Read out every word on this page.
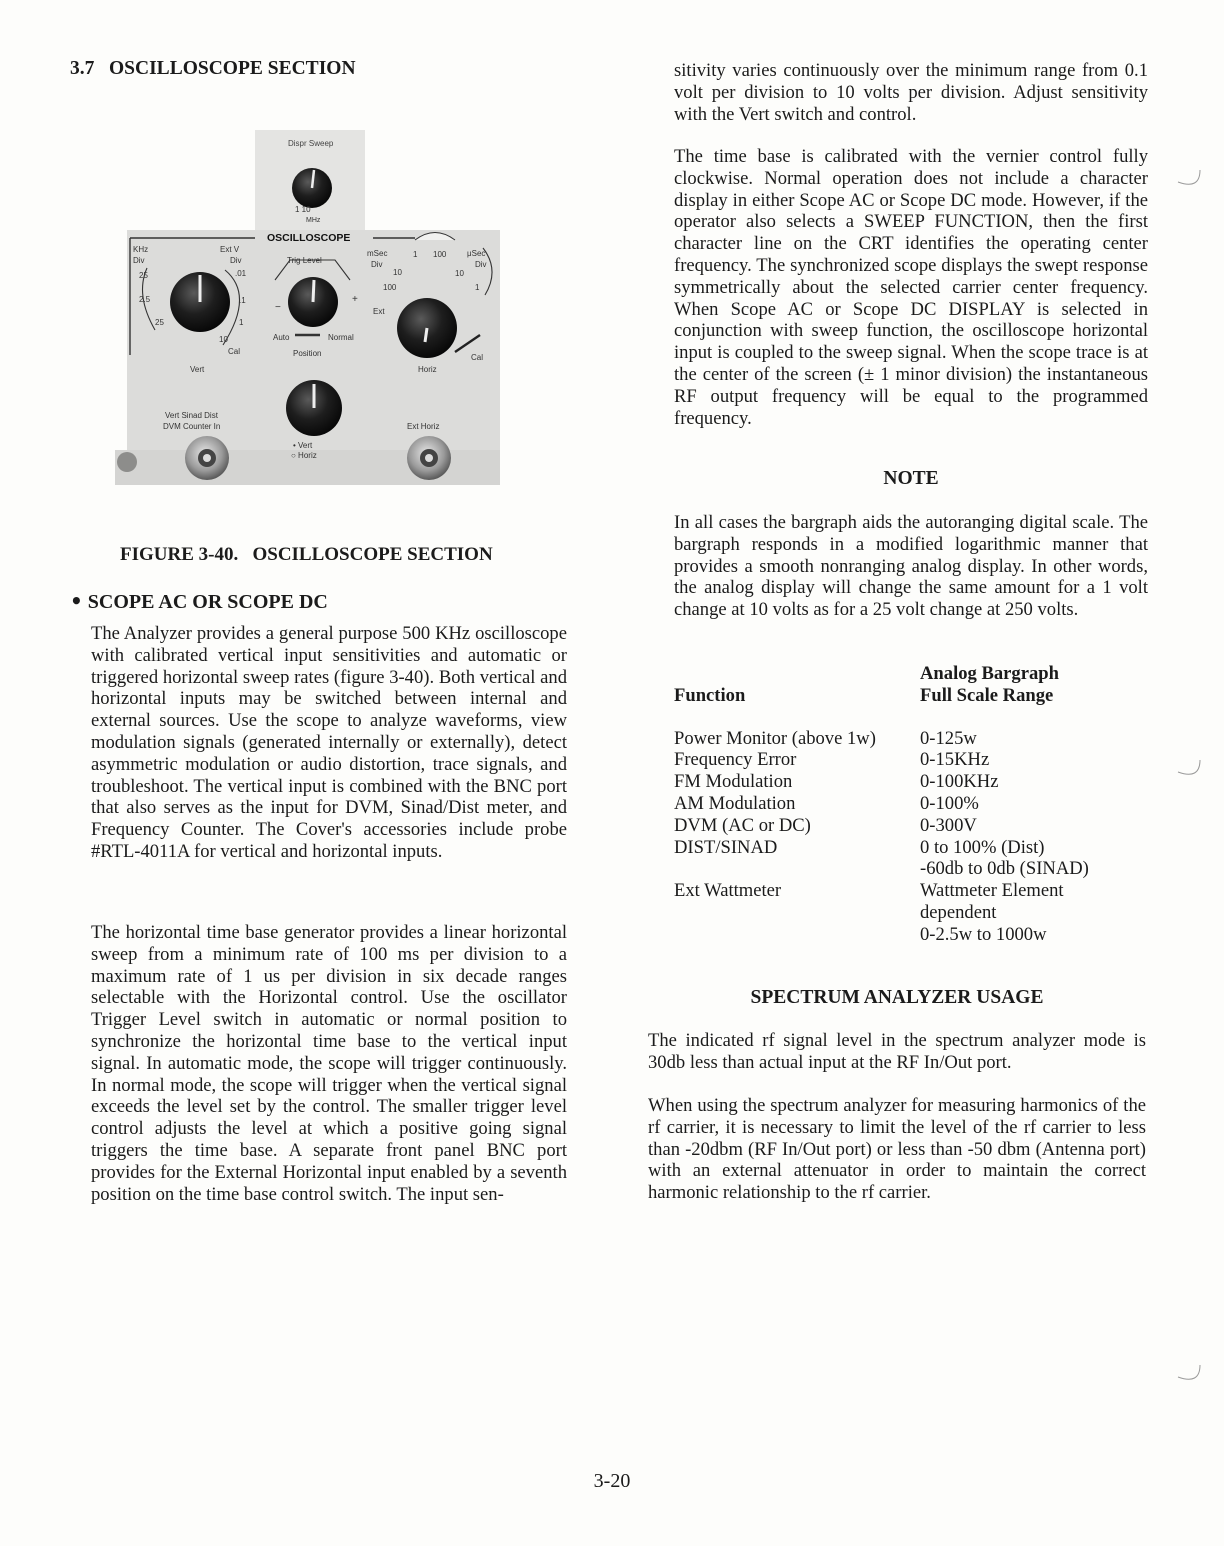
3.7 OSCILLOSCOPE SECTION
Dispr Sweep
1 10
MHz
OSCILLOSCOPE
KHz
Div
Ext V
Div
.01
25
2.5	.1
1
10
25
Cal
Vert
Trig Level
−
+
Auto	Normal
Position
mSec
Div
1 100
10
100
μSec
Div
10
1
Ext
Cal
Horiz
Vert Sinad Dist
DVM Counter In	Ext Horiz
• Vert
○ Horiz
FIGURE 3-40.   OSCILLOSCOPE SECTION
• SCOPE AC OR SCOPE DC

The Analyzer provides a general purpose 500 KHz oscilloscope with calibrated vertical input sensitivities and automatic or triggered horizontal sweep rates (figure 3-40). Both vertical and horizontal inputs may be switched between internal and external sources. Use the scope to analyze waveforms, view modulation signals (generated internally or externally), detect asymmetric modulation or audio distortion, trace signals, and troubleshoot. The vertical input is combined with the BNC port that also serves as the input for DVM, Sinad/Dist meter, and Frequency Counter. The Cover's accessories include probe #RTL-4011A for vertical and horizontal inputs.

The horizontal time base generator provides a linear horizontal sweep from a minimum rate of 100 ms per division to a maximum rate of 1 us per division in six decade ranges selectable with the Horizontal control. Use the oscillator Trigger Level switch in automatic or normal position to synchronize the horizontal time base to the vertical input signal. In automatic mode, the scope will trigger continuously. In normal mode, the scope will trigger when the vertical signal exceeds the level set by the control. The smaller trigger level control adjusts the level at which a positive going signal triggers the time base. A separate front panel BNC port provides for the External Horizontal input enabled by a seventh position on the time base control switch. The input sen-

sitivity varies continuously over the minimum range from 0.1 volt per division to 10 volts per division. Adjust sensitivity with the Vert switch and control.

The time base is calibrated with the vernier control fully clockwise. Normal operation does not include a character display in either Scope AC or Scope DC mode. However, if the operator also selects a SWEEP FUNCTION, then the first character line on the CRT identifies the operating center frequency. The synchronized scope displays the swept response symmetrically about the selected carrier center frequency. When Scope AC or Scope DC DISPLAY is selected in conjunction with sweep function, the oscilloscope horizontal input is coupled to the sweep signal. When the scope trace is at the center of the screen (± 1 minor division) the instantaneous RF output frequency will be equal to the programmed frequency.

NOTE

In all cases the bargraph aids the autoranging digital scale. The bargraph responds in a modified logarithmic manner that provides a smooth nonranging analog display. In other words, the analog display will change the same amount for a 1 volt change at 10 volts as for a 25 volt change at 250 volts.

	Analog Bargraph
Function	Full Scale Range

Power Monitor (above 1w)	0-125w
Frequency Error	0-15KHz
FM Modulation	0-100KHz
AM Modulation	0-100%
DVM (AC or DC)	0-300V
DIST/SINAD	0 to 100% (Dist)
-60db to 0db (SINAD)

Ext Wattmeter	Wattmeter Element
dependent
0-2.5w to 1000w
SPECTRUM ANALYZER USAGE

The indicated rf signal level in the spectrum analyzer mode is 30db less than actual input at the RF In/Out port.

When using the spectrum analyzer for measuring harmonics of the rf carrier, it is necessary to limit the level of the rf carrier to less than -20dbm (RF In/Out port) or less than -50 dbm (Antenna port) with an external attenuator in order to maintain the correct harmonic relationship to the rf carrier.

3-20
